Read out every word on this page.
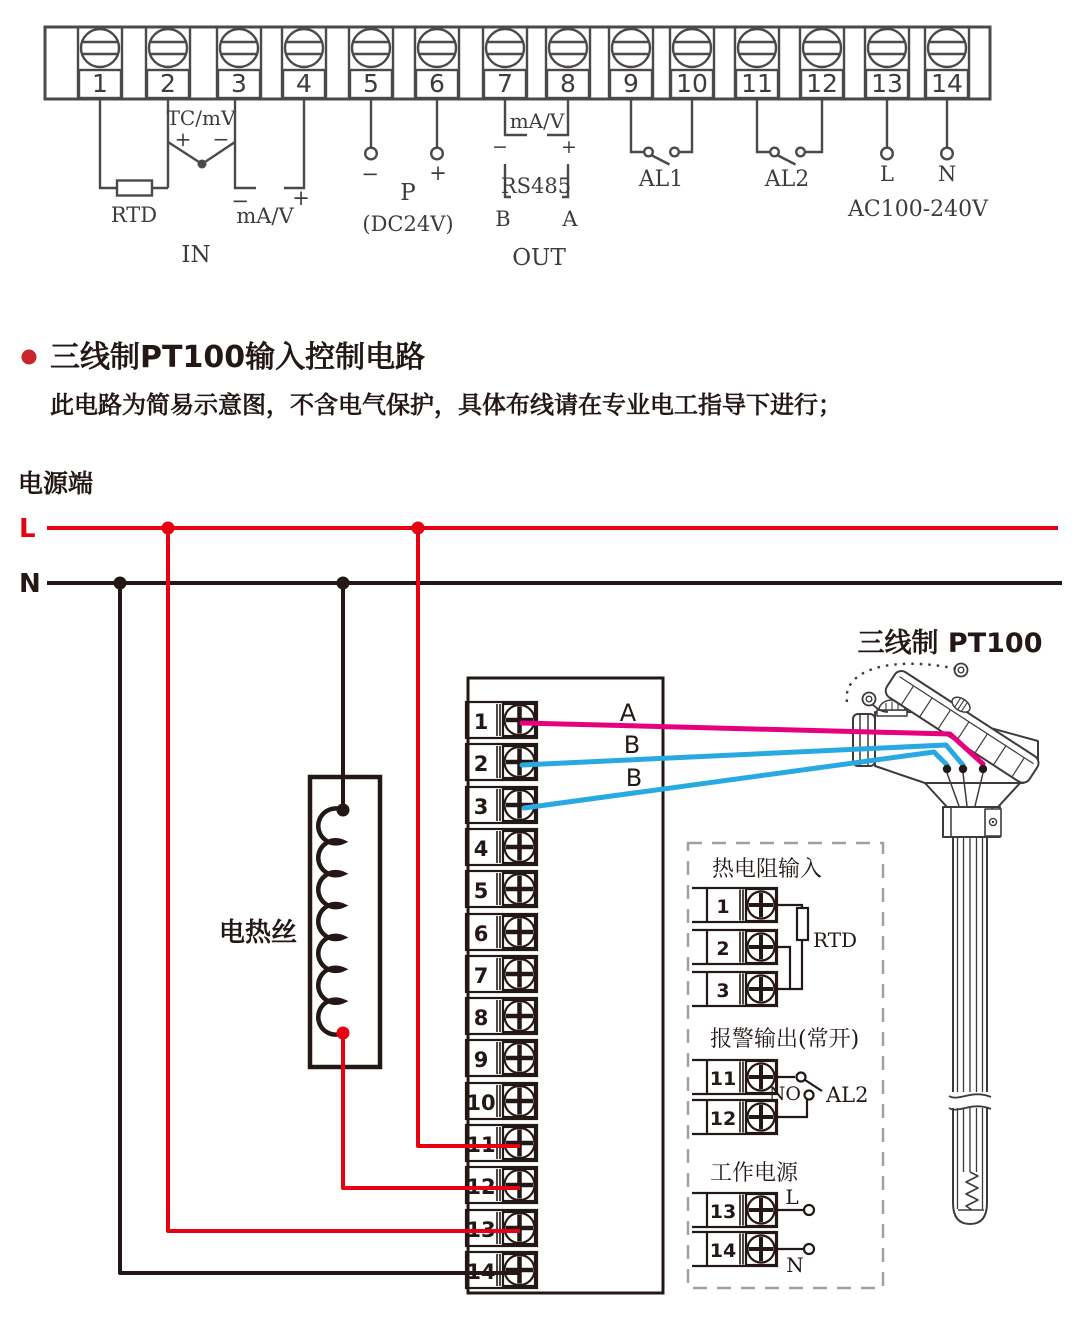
1 2 3 4 5 6 7 8 9 10 11 12 13 14
RTD
TC/mV
+ −
−
mA/V
+
IN
− +
P
(DC24V)
mA/V
−	+
RS485
B A
OUT
AL1	AL2	L N
AC100-240V
三线制PT100输入控制电路
此电路为简易示意图，不含电气保护，具体布线请在专业电工指导下进行；
电源端
L
N
1
2
3
4
5
6
7
8
9
10
11
12
13
14
三线制 PT100
电热丝
A
B
B
热电阻输入
1
2
3
11
12
13
14
RTD
报警输出(常开)
NO AL2
工作电源
L
N
